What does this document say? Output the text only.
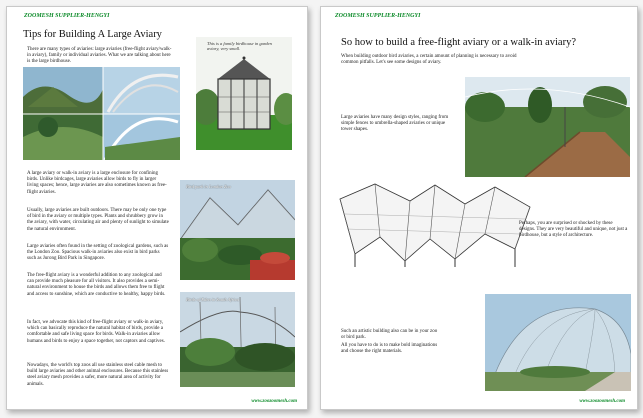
ZOOMESH SUPPLIER-HENGYI
Tips for Building A Large Aviary

There are many types of aviaries: large aviaries (free-flight aviary/walk-in aviary), family or individual aviaries. What we are talking about here is the large birdhouse.

This is a family birdhouse in garden aviary, very small.

A large aviary or walk-in aviary is a large enclosure for confining birds. Unlike birdcages, large aviaries allow birds to fly in larger living spaces; hence, large aviaries are also sometimes known as free-flight aviaries.

Usually, large aviaries are built outdoors. There may be only one type of bird in the aviary or multiple types. Plants and shrubbery grow in the aviary, with water, circulating air and plenty of sunlight to simulate the natural environment.

Large aviaries often found in the setting of zoological gardens, such as the London Zoo. Spacious walk-in aviaries also exist in bird parks such as Jurong Bird Park in Singapore.

The free-flight aviary is a wonderful addition to any zoological and can provide much pleasure for all visitors. It also provides a semi-natural environment to house the birds and allows them free to flight and access to sunshine, which are conductive to healthy, happy birds.

In fact, we advocate this kind of free-flight aviary or walk-in aviary, which can basically reproduce the natural habitat of birds, provide a comfortable and safe living space for birds. Walk-in aviaries allow humans and birds to enjoy a space together, not captors and captives.

Nowadays, the world's top zoos all use stainless steel cable mesh to build large aviaries and other animal enclosures. Because this stainless steel aviary mesh provides a safer, more natural area of activity for animals.

Bird park in London Zoo
Birds of Eden in South Africa
www.zoozoomesh.com
ZOOMESH SUPPLIER-HENGYI
So how to build a free-flight aviary or a walk-in aviary?

When building outdoor bird aviaries, a certain amount of planning is necessary to avoid common pitfalls. Let's see some designs of aviary.

Large aviaries have many design styles, ranging from simple fences to umbrella-shaped aviaries or unique tower shapes.

Perhaps, you are surprised or shocked by these designs. They are very beautiful and unique, not just a birdhouse, but a style of architecture.

Such an artistic building also can be in your zoo or bird park.

All you have to do is to make bold imaginations and choose the right materials.

www.zoozoomesh.com
